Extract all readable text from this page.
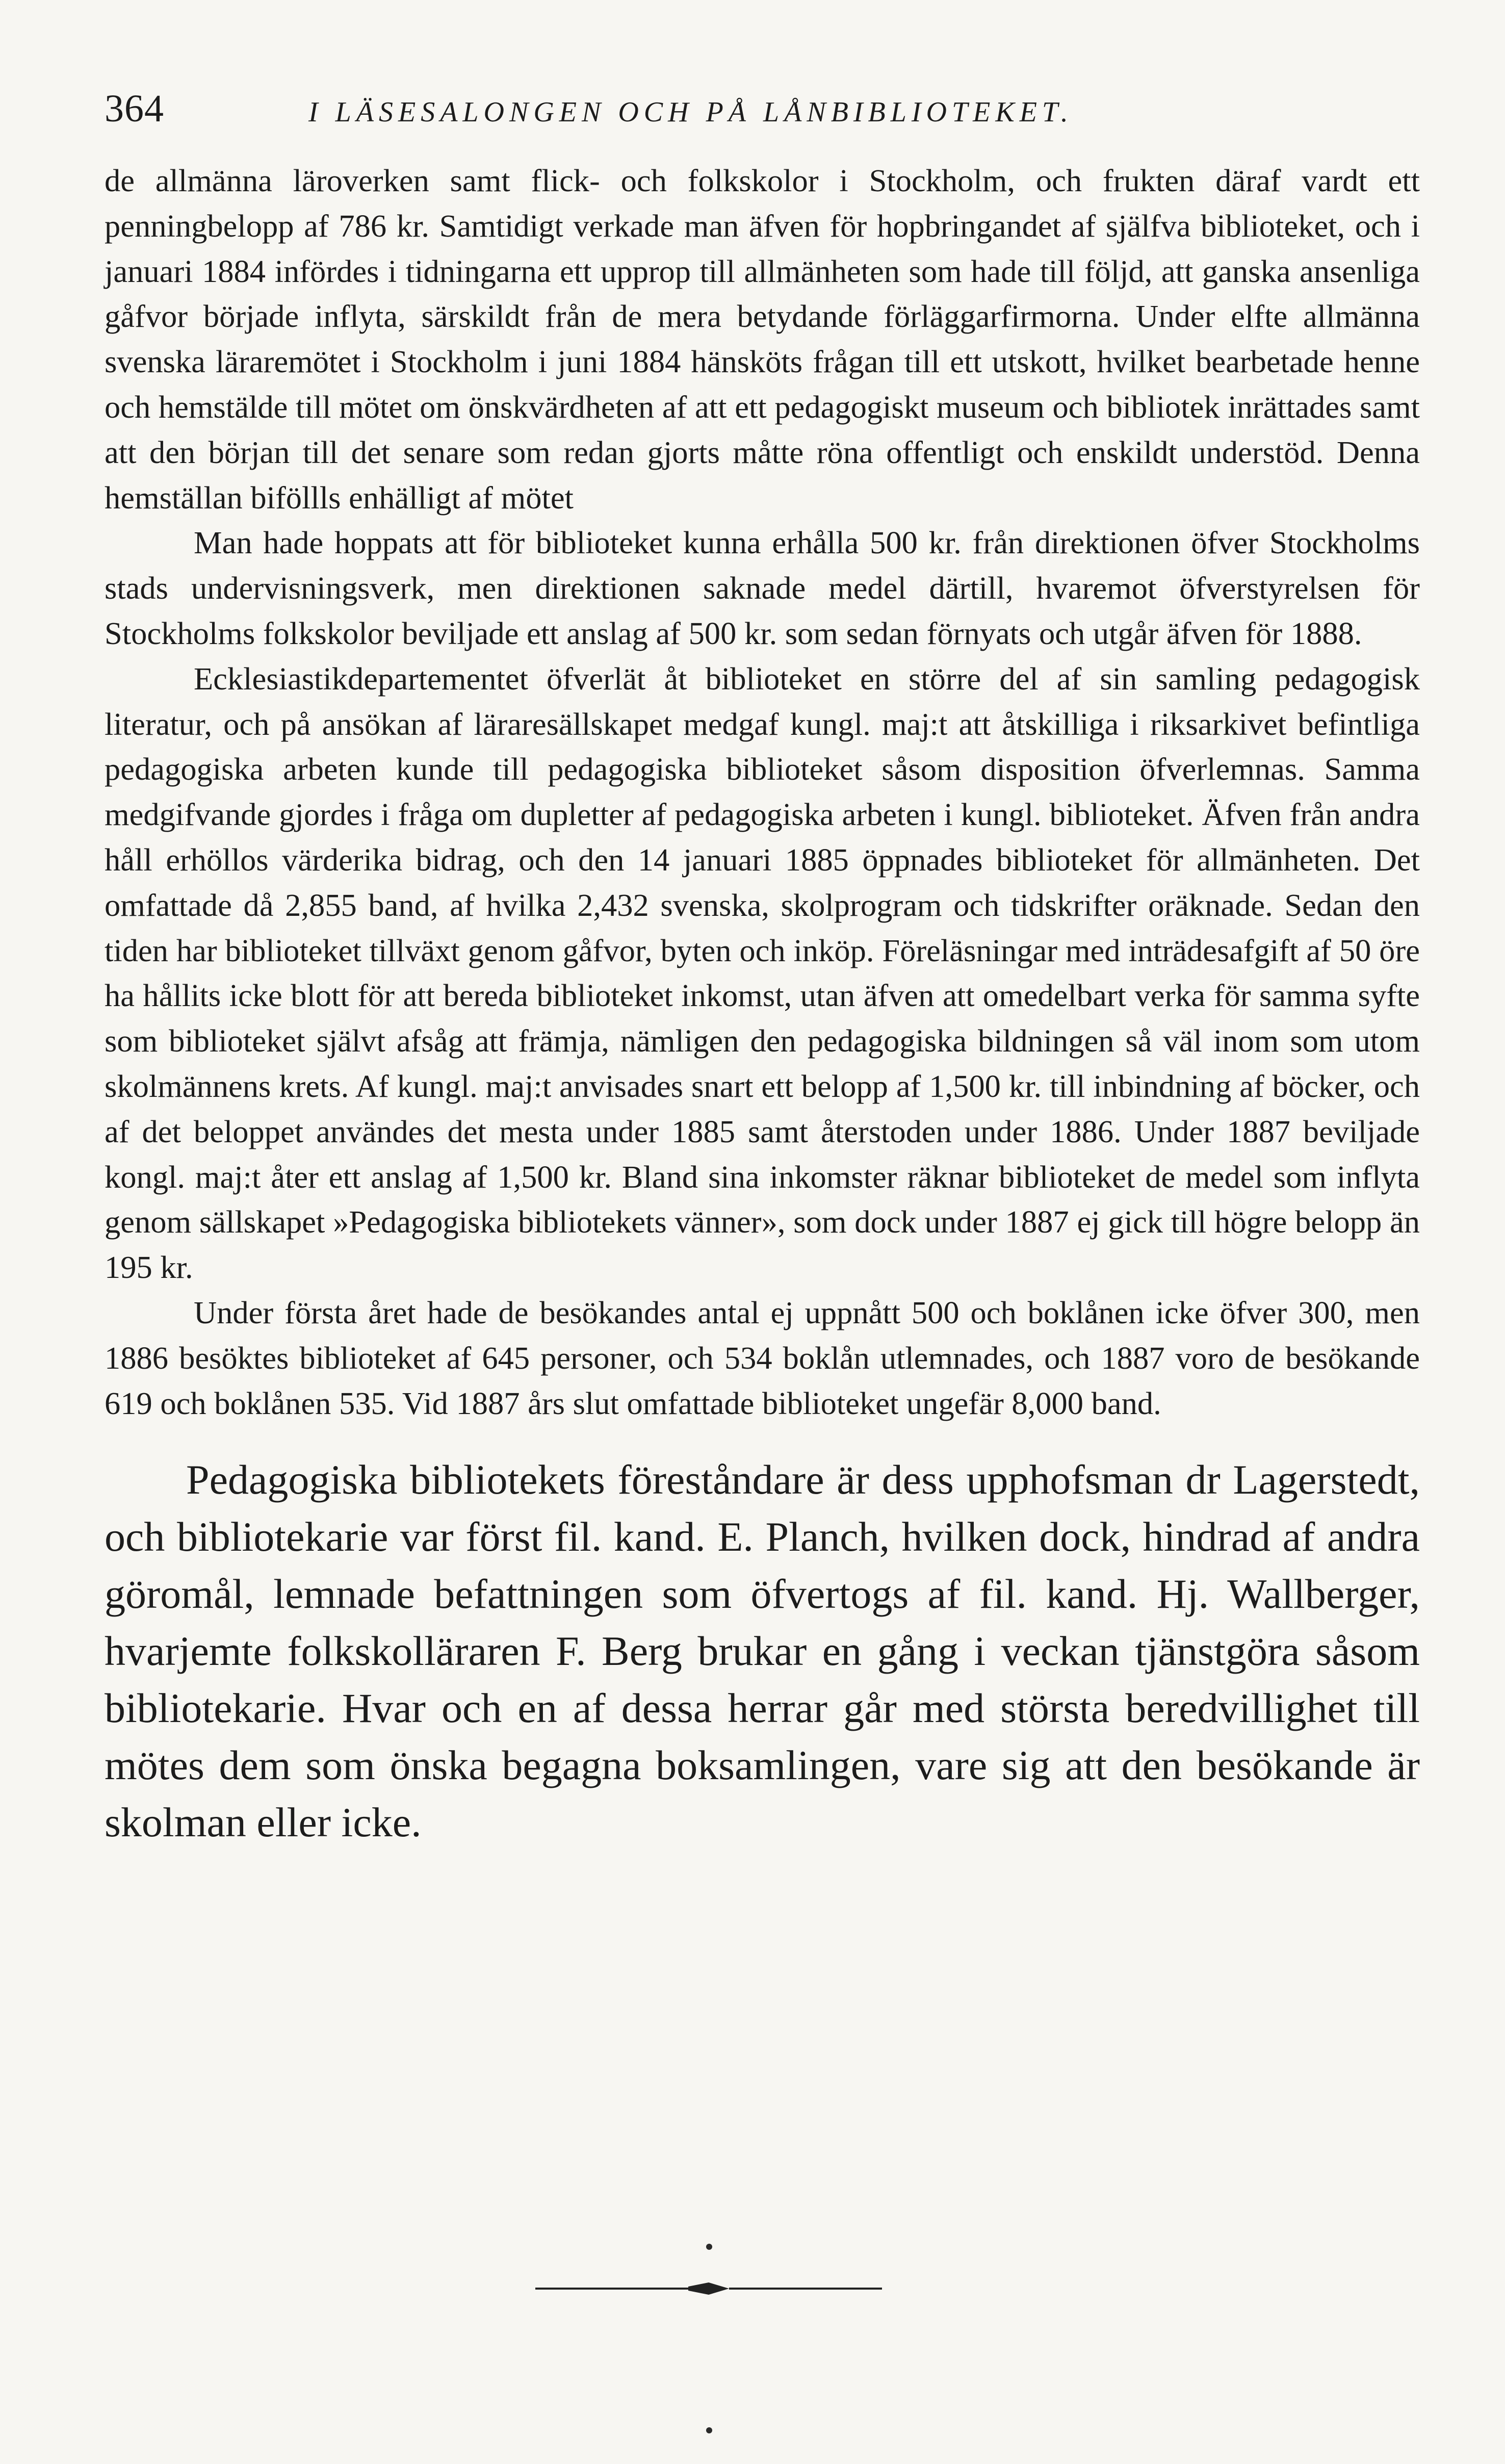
364	I LÄSESALONGEN OCH PÅ LÅNBIBLIOTEKET.

de allmänna läroverken samt flick- och folkskolor i Stockholm, och frukten däraf vardt ett penningbelopp af 786 kr. Samtidigt verkade man äfven för hopbringandet af själfva biblioteket, och i januari 1884 infördes i tidningarna ett upprop till allmänheten som hade till följd, att ganska ansenliga gåfvor började inflyta, särskildt från de mera betydande förläggarfirmorna. Under elfte allmänna svenska läraremötet i Stockholm i juni 1884 hänsköts frågan till ett utskott, hvilket bearbetade henne och hemstälde till mötet om önskvärdheten af att ett pedagogiskt museum och bibliotek inrättades samt att den början till det senare som redan gjorts måtte röna offentligt och enskildt understöd. Denna hemställan biföllls enhälligt af mötet

Man hade hoppats att för biblioteket kunna erhålla 500 kr. från direktionen öfver Stockholms stads undervisningsverk, men direktionen saknade medel därtill, hvaremot öfverstyrelsen för Stockholms folkskolor beviljade ett anslag af 500 kr. som sedan förnyats och utgår äfven för 1888.

Ecklesiastikdepartementet öfverlät åt biblioteket en större del af sin samling pedagogisk literatur, och på ansökan af läraresällskapet medgaf kungl. maj:t att åtskilliga i riksarkivet befintliga pedagogiska arbeten kunde till pedagogiska biblioteket såsom disposition öfverlemnas. Samma medgifvande gjordes i fråga om dupletter af pedagogiska arbeten i kungl. biblioteket. Äfven från andra håll erhöllos värderika bidrag, och den 14 januari 1885 öppnades biblioteket för allmänheten. Det omfattade då 2,855 band, af hvilka 2,432 svenska, skolprogram och tidskrifter oräknade. Sedan den tiden har biblioteket tillväxt genom gåfvor, byten och inköp. Föreläsningar med inträdesafgift af 50 öre ha hållits icke blott för att bereda biblioteket inkomst, utan äfven att omedelbart verka för samma syfte som biblioteket självt afsåg att främja, nämligen den pedagogiska bildningen så väl inom som utom skolmännens krets. Af kungl. maj:t anvisades snart ett belopp af 1,500 kr. till inbindning af böcker, och af det beloppet användes det mesta under 1885 samt återstoden under 1886. Under 1887 beviljade kongl. maj:t åter ett anslag af 1,500 kr. Bland sina inkomster räknar biblioteket de medel som inflyta genom sällskapet »Pedagogiska bibliotekets vänner», som dock under 1887 ej gick till högre belopp än 195 kr.

Under första året hade de besökandes antal ej uppnått 500 och boklånen icke öfver 300, men 1886 besöktes biblioteket af 645 personer, och 534 boklån utlemnades, och 1887 voro de besökande 619 och boklånen 535. Vid 1887 års slut omfattade biblioteket ungefär 8,000 band.

Pedagogiska bibliotekets föreståndare är dess upphofsman dr Lagerstedt, och bibliotekarie var först fil. kand. E. Planch, hvilken dock, hindrad af andra göromål, lemnade befattningen som öfvertogs af fil. kand. Hj. Wallberger, hvarjemte folkskolläraren F. Berg brukar en gång i veckan tjänstgöra såsom bibliotekarie. Hvar och en af dessa herrar går med största beredvillighet till mötes dem som önska begagna boksamlingen, vare sig att den besökande är skolman eller icke.
